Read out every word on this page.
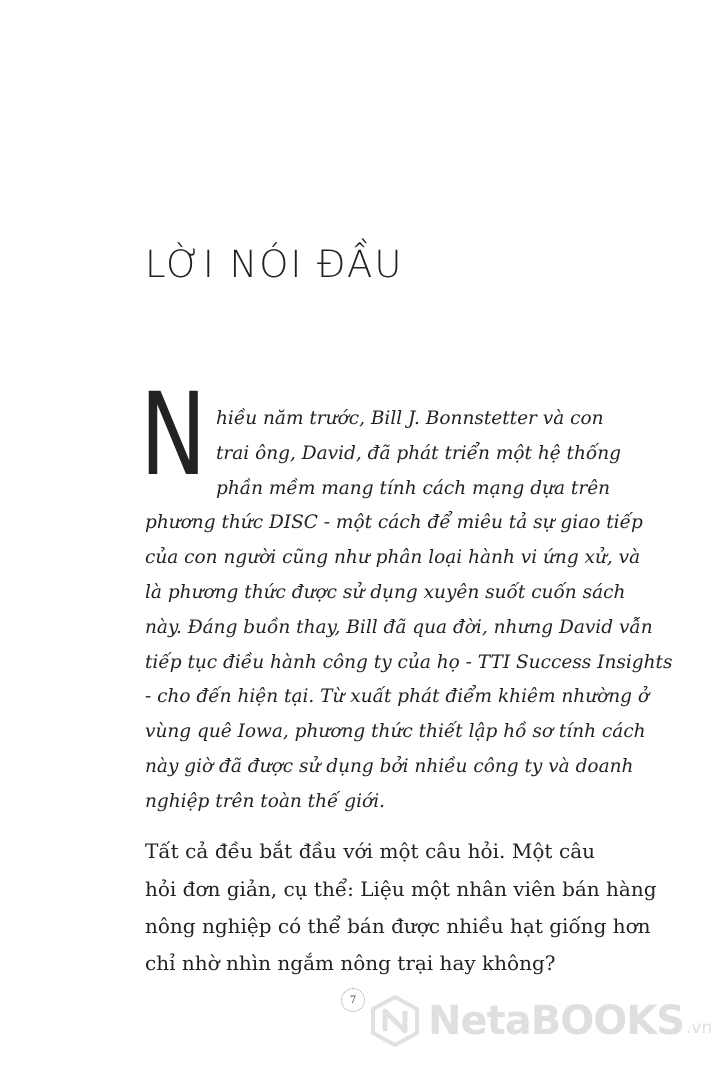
LỜI NÓI ĐẦU
N hiều năm trước, Bill J. Bonnstetter và con
trai ông, David, đã phát triển một hệ thống
phần mềm mang tính cách mạng dựa trên
phương thức DISC - một cách để miêu tả sự giao tiếp
của con người cũng như phân loại hành vi ứng xử, và
là phương thức được sử dụng xuyên suốt cuốn sách
này. Đáng buồn thay, Bill đã qua đời, nhưng David vẫn
tiếp tục điều hành công ty của họ - TTI Success Insights
- cho đến hiện tại. Từ xuất phát điểm khiêm nhường ở
vùng quê Iowa, phương thức thiết lập hồ sơ tính cách
này giờ đã được sử dụng bởi nhiều công ty và doanh
nghiệp trên toàn thế giới.
Tất cả đều bắt đầu với một câu hỏi. Một câu
hỏi đơn giản, cụ thể: Liệu một nhân viên bán hàng
nông nghiệp có thể bán được nhiều hạt giống hơn
chỉ nhờ nhìn ngắm nông trại hay không?
7 NetaBOOKS .vn
